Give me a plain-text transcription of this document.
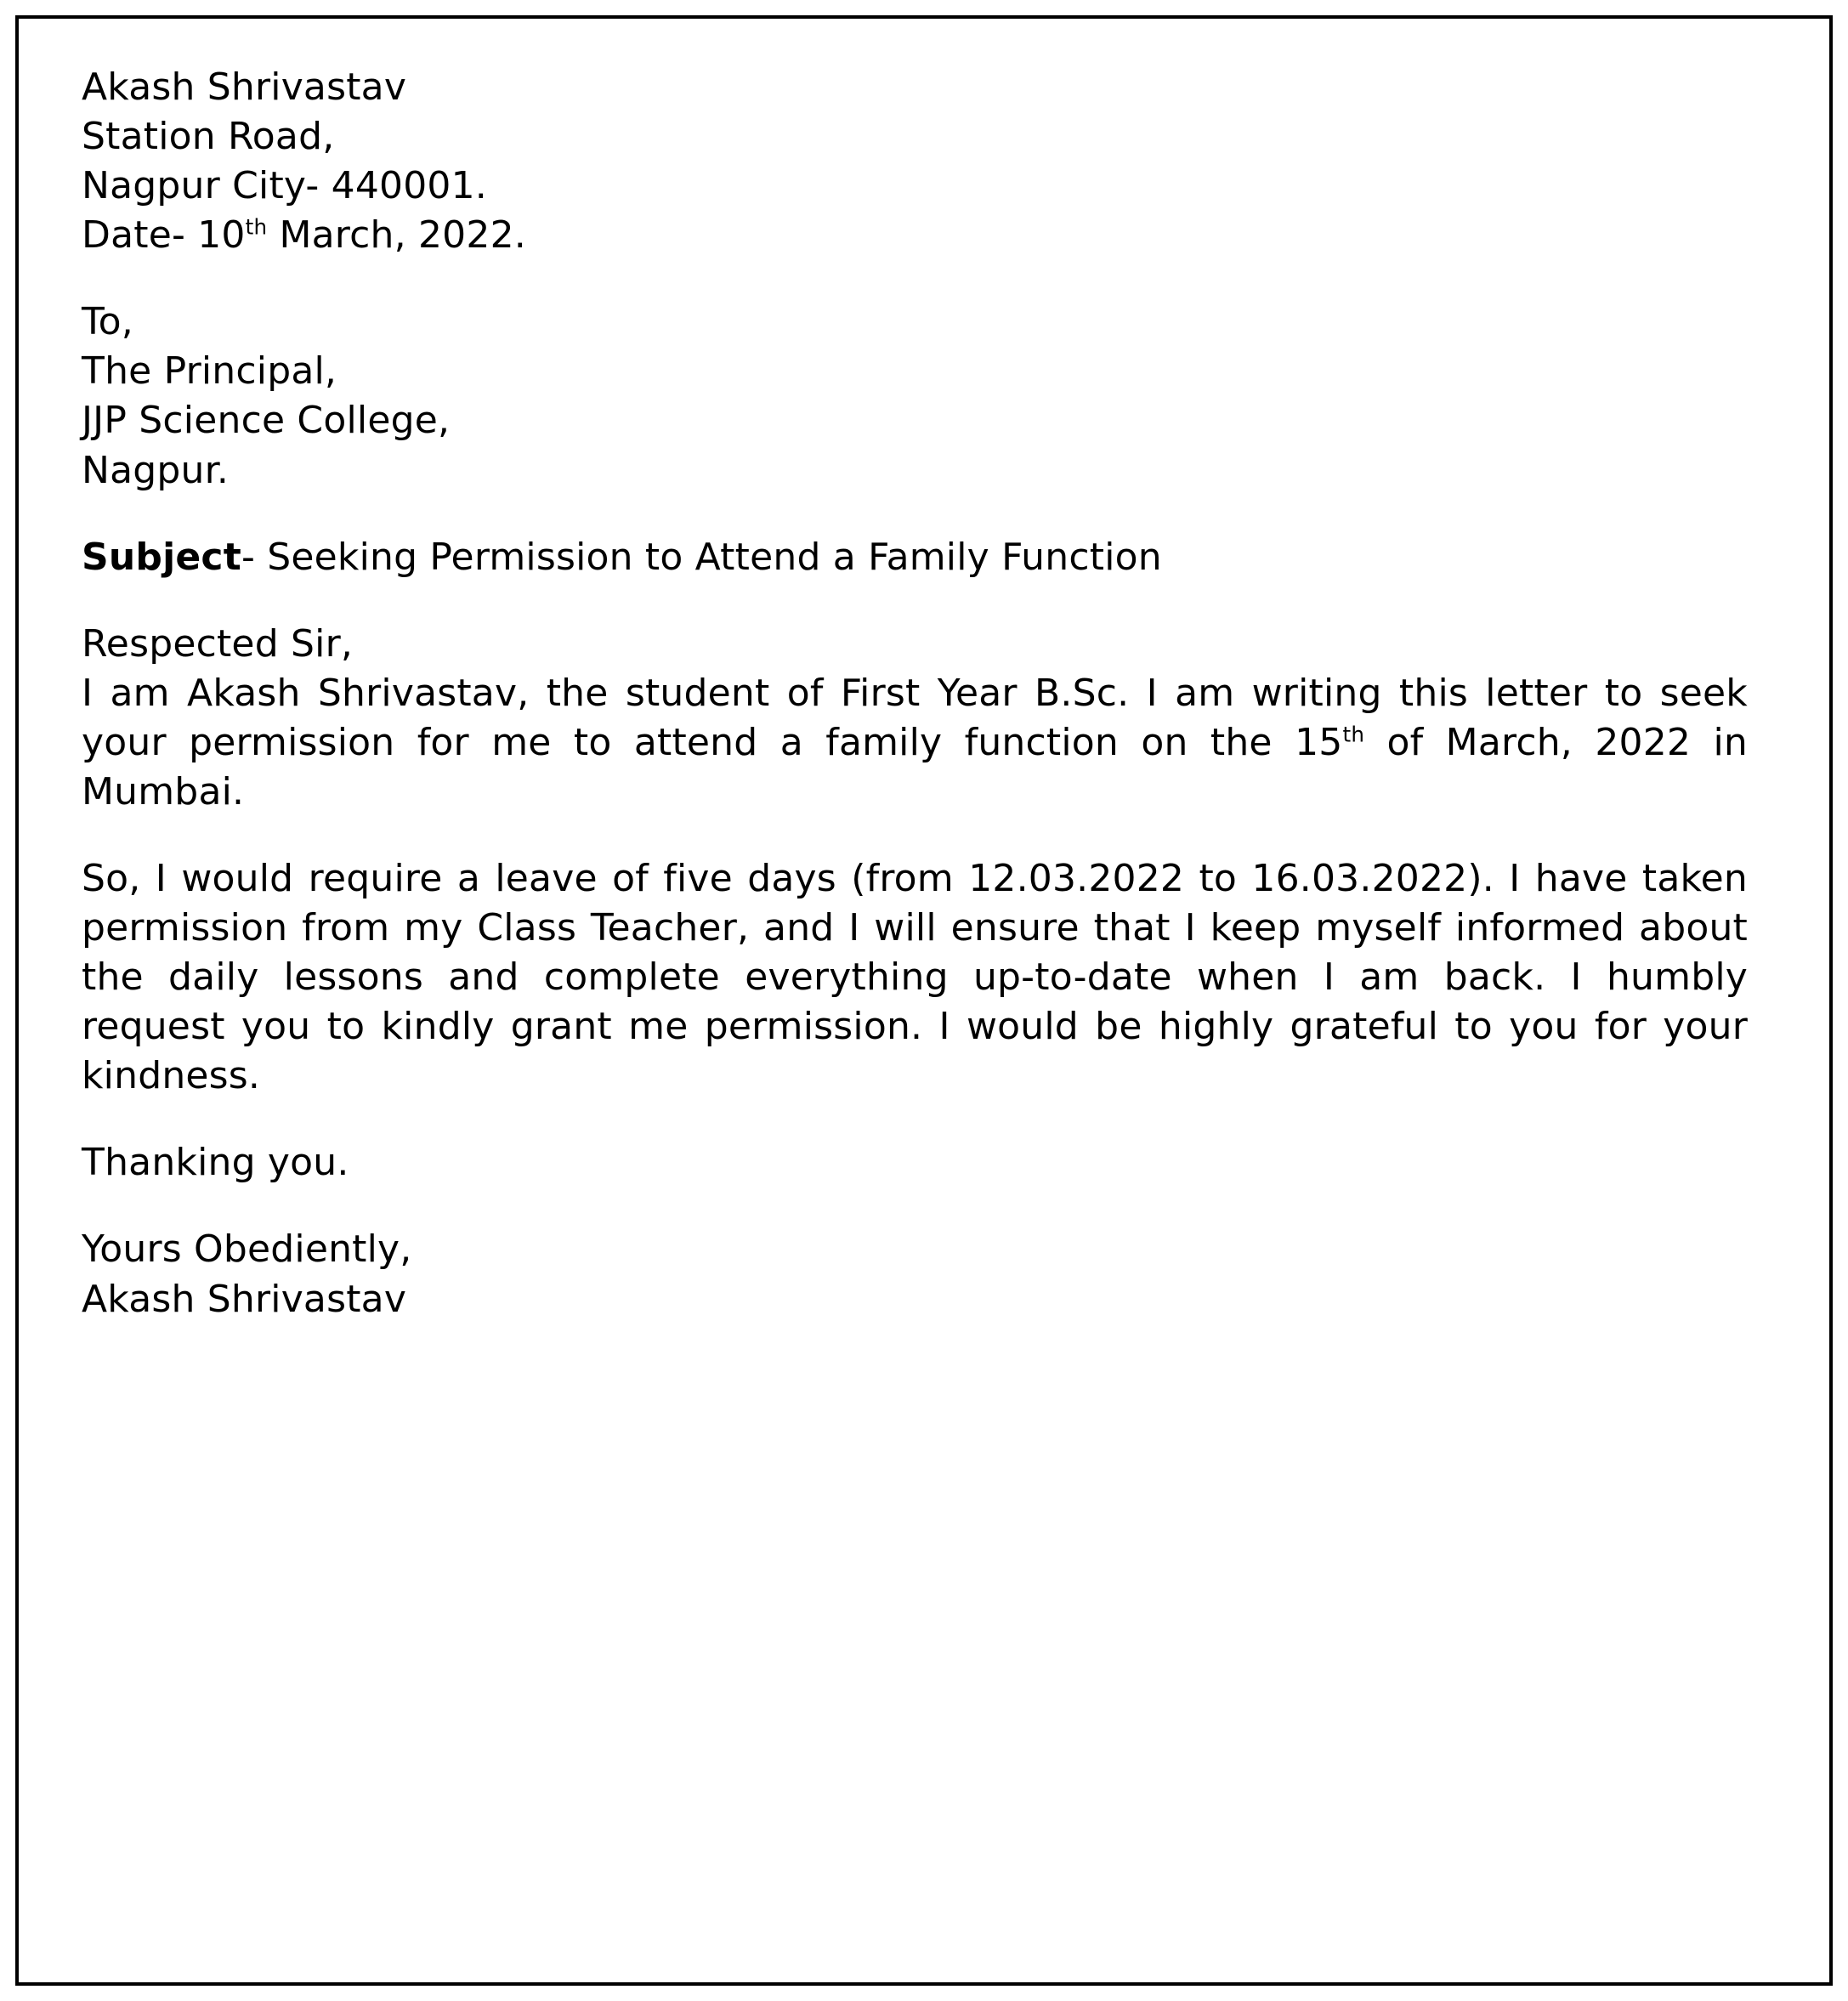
Akash Shrivastav
Station Road,
Nagpur City- 440001.
Date- 10th March, 2022.
To,
The Principal,
JJP Science College,
Nagpur.
Subject- Seeking Permission to Attend a Family Function
Respected Sir,
I am Akash Shrivastav, the student of First Year B.Sc. I am writing this letter to seek your permission for me to attend a family function on the 15th of March, 2022 in Mumbai.
So, I would require a leave of five days (from 12.03.2022 to 16.03.2022). I have taken permission from my Class Teacher, and I will ensure that I keep myself informed about the daily lessons and complete everything up-to-date when I am back. I humbly request you to kindly grant me permission. I would be highly grateful to you for your kindness.
Thanking you.
Yours Obediently,
Akash Shrivastav
